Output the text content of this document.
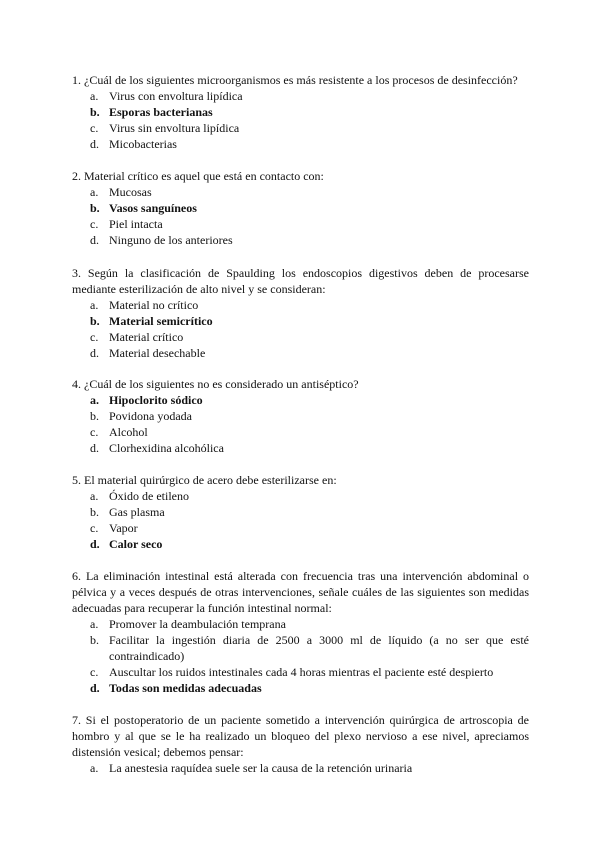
1. ¿Cuál de los siguientes microorganismos es más resistente a los procesos de desinfección?

a. Virus con envoltura lipídica
b. Esporas bacterianas
c. Virus sin envoltura lipídica
d. Micobacterias

2. Material crítico es aquel que está en contacto con:

a. Mucosas
b. Vasos sanguíneos
c. Piel intacta
d. Ninguno de los anteriores

3. Según la clasificación de Spaulding los endoscopios digestivos deben de procesarse mediante esterilización de alto nivel y se consideran:

a. Material no crítico
b. Material semicrítico
c. Material crítico
d. Material desechable

4. ¿Cuál de los siguientes no es considerado un antiséptico?

a. Hipoclorito sódico
b. Povidona yodada
c. Alcohol
d. Clorhexidina alcohólica

5. El material quirúrgico de acero debe esterilizarse en:

a. Óxido de etileno
b. Gas plasma
c. Vapor
d. Calor seco

6. La eliminación intestinal está alterada con frecuencia tras una intervención abdominal o pélvica y a veces después de otras intervenciones, señale cuáles de las siguientes son medidas adecuadas para recuperar la función intestinal normal:

a. Promover la deambulación temprana
b. Facilitar la ingestión diaria de 2500 a 3000 ml de líquido (a no ser que esté contraindicado)
c. Auscultar los ruidos intestinales cada 4 horas mientras el paciente esté despierto
d. Todas son medidas adecuadas

7. Si el postoperatorio de un paciente sometido a intervención quirúrgica de artroscopia de hombro y al que se le ha realizado un bloqueo del plexo nervioso a ese nivel, apreciamos distensión vesical; debemos pensar:

a. La anestesia raquídea suele ser la causa de la retención urinaria
